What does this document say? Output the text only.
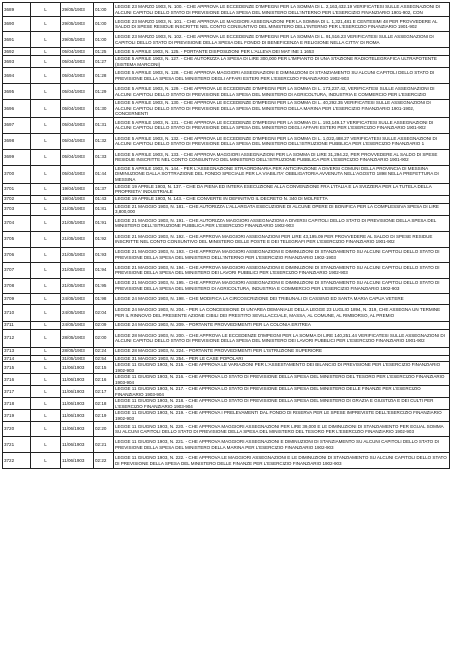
3689	L	29/05/1903	01:00	LEGGE 23 MARZO 1903, N. 100. - CHE APPROVA LE ECCEDENZE D'IMPEGNI PER LA SOMMA DI L. 2,163,432.19 VERIFICATESI SULLE ASSEGNAZIONI DI ALCUNI CAPITOLI DELLO STATO DI PREVISIONE DELLA SPESA DEL MINISTERO DELL'INTERNO PER L'ESERCIZIO FINANZIARIO 1901-902, CON
3690	L	29/05/1903	01:00	LEGGE 23 MARZO 1903, N. 101. - CHE APPROVA LE MAGGIORI ASSEGNAZIONI PER LA SOMMA DI L. 1,321,481 E CENTESIMI 48 PER PROVVEDERE AL SALDO DI SPESE RESIDUE INSCRITTE NEL CONTO CONSUNTIVO DEL MINISTERO DELL'INTERNO PER L'ESERCIZIO FINANZIARIO 1901-902
3691	L	29/05/1903	01:00	LEGGE 23 MARZO 1903, N. 102. - CHE APPROVA LE ECCEDENZE D'IMPEGNI PER LA SOMMA DI L. 91,516.23 VERIFICATESI SULLE ASSEGNAZIONI DI CAPITOLI DELLO STATO DI PREVISIONE DELLA SPESA DEL FONDO DI BENEFICENZA E RELIGIONE NELLA CITTA' DI ROMA
3692	L	05/04/1903	01:25	LEGGE 5 APRILE 1903, N. 125. - PORTANTE DISPOSIZIONI PER L'ALLEVA DEI MAT INE 1 1653
3693	L	05/04/1903	01:27	LEGGE 5 APRILE 1903, N. 127. - CHE AUTORIZZA LA SPESA DI LIRE 300,000 PER L'IMPIANTO DI UNA STAZIONE RADIOTELEGRAFICA ULTRAPOTENTE (SISTEMA MARCONI)
3694	L	05/04/1903	01:28	LEGGE 5 APRILE 1903, N. 128. - CHE APPROVA MAGGIORI ASSEGNAZIONI E DIMINUZIONI DI STANZIAMENTO SU ALCUNI CAPITOLI DELLO STATO DI PREVISIONE DELLA SPESA DEL MINISTERO DEGLI AFFARI ESTERI PER L'ESERCIZIO FINANZIARIO 1902-903
3695	L	05/04/1903	01:29	LEGGE 5 APRILE 1903, N. 129. - CHE APPROVA LE ECCEDENZE D'IMPEGNI PER LA SOMMA DI L. 173,237.42, VERIFICATESI SULLE ASSEGNAZIONI DI ALCUNI CAPITOLI DELLO STATO DI PREVISIONE DELLA SPESA DEL MINISTERO DI AGRICOLTURA, INDUSTRIA E COMMERCIO PER L'ESERCIZIO
3696	L	05/04/1903	01:30	LEGGE 5 APRILE 1903, N. 130. - CHE APPROVA LE ECCEDENZE D'IMPEGNI PER LA SOMMA DI L. 40,292.35 VERIFICATESI SULLE ASSEGNAZIONI DI ALCUNI CAPITOLI DELLO STATO DI PREVISIONE DELLA SPESA DEL MINISTERO DELLA MARINA PER L'ESERCIZIO FINANZIARIO 1901-1902, CONCERNENTI
3697	L	05/04/1903	01:31	LEGGE 5 APRILE 1903, N. 131. - CHE APPROVA LE ECCEDENZE D'IMPEGNI PER LA SOMMA DI L. 193,149.17 VERIFICATESI SULLE ASSEGNAZIONI DI ALCUNI CAPITOLI DELLO STATO DI PREVISIONE DELLA SPESA DEL MINISTERO DEGLI AFFARI ESTERI PER L'ESERCIZIO FINANZIARIO 1901-902
3698	L	05/04/1903	01:32	LEGGE 5 APRILE 1903, N. 132. - CHE APPROVA LE ECCEDENZE D'IMPEGNI PER LA SOMMA DI L. 1,022,488.27 VERIFICATESI SULLE ASSEGNAZIONI DI ALCUNI CAPITOLI DELLO STATO DI PREVISIONE DELLA SPESA DEL MINISTERO DELL'ISTRUZIONE PUBBLICA PER L'ESERCIZIO FINANZIARIO 1
3699	L	05/04/1903	01:33	LEGGE 5 APRILE 1903, N. 133. - CHE APPROVA MAGGIORI ASSEGNAZIONI PER LA SOMMA DI LIRE 31,294.22, PER PROVVEDERE AL SALDO DI SPESE RESIDUE INSCRITTE NEL CONTO CONSUNTIVO DEL MINISTERO DELL'ISTRUZIONE PUBBLICA PER L'ESERCIZIO FINANZIARIO 1901-902
3700	L	05/04/1903	01:44	LEGGE 5 APRILE 1903, N. 144. - PER L'ASSEGNAZIONE STRAORDINARIA PER ANTICIPAZIONE A DIVERSI COMUNI DELLA PROVINCIA DI MESSINA DIMINUZIONE DALLA SOTTRAZIONE DEL FONDO SPECIALE PER LA VIABILITA' OBBLIGATORIA AVVENUTA NELL'AGOSTO 1898 NELLA PREFETTURA DI MESSINA
3701	L	19/04/1903	01:37	LEGGE 19 APRILE 1903, N. 137. - CHE DA PIENA ED INTERA ESECUZIONE ALLA CONVENZIONE FRA L'ITALIA E LA SVIZZERA PER LA TUTELA DELLA PROPRIETA' INDUSTRIALE
3702	L	19/04/1903	01:43	LEGGE 19 APRILE 1903, N. 143. - CHE CONVERTE IN DEFINITIVO IL DECRETO N. 340 DI MOLFETTA
3703	L	21/05/1903	01:81	LEGGE 21 MAGGIO 1903, N. 181. - CHE AUTORIZZA L'ALLARGATA ESECUZIONE DI ALCUNE OPERE DI BONIFICA PER LA COMPLESSIVA SPESA DI LIRE 3,800,000
3704	L	21/05/1903	01:91	LEGGE 21 MAGGIO 1903, N. 191. - CHE AUTORIZZA MAGGIORI ASSEGNAZIONI A DIVERSI CAPITOLI DELLO STATO DI PREVISIONE DELLA SPESA DEL MINISTERO DELL'ISTRUZIONE PUBBLICA PER L'ESERCIZIO FINANZIARIO 1902-903
3705	L	21/05/1903	01:92	LEGGE 21 MAGGIO 1903, N. 192. - CHE APPROVA MAGGIORI ASSEGNAZIONI PER LIRE 43,195.09 PER PROVVEDERE AL SALDO DI SPESE RESIDUE INSCRITTE NEL CONTO CONSUNTIVO DEL MINISTERO DELLE POSTE E DEI TELEGRAFI PER L'ESERCIZIO FINANZIARIO 1901-902
3706	L	21/05/1903	01:93	LEGGE 21 MAGGIO 1903, N. 193. - CHE APPROVA MAGGIORI ASSEGNAZIONI E DIMINUZIONI DI STANZIAMENTO SU ALCUNI CAPITOLI DELLO STATO DI PREVISIONE DELLA SPESA DEL MINISTERO DELL'INTERNO PER L'ESERCIZIO FINANZIARIO 1902-1903
3707	L	21/05/1903	01:94	LEGGE 21 MAGGIO 1903, N. 194. - CHE APPROVA MAGGIORI ASSEGNAZIONI E DIMINUZIONI DI STANZIAMENTO SU ALCUNI CAPITOLI DELLO STATO DI PREVISIONE DELLA SPESA DEL MINISTERO DEI LAVORI PUBBLICI PER L'ESERCIZIO FINANZIARIO 1902-903
3708	L	21/05/1903	01:95	LEGGE 21 MAGGIO 1903, N. 195. - CHE APPROVA MAGGIORI ASSEGNAZIONI E DIMINUZIONI DI STANZIAMENTO SU ALCUNI CAPITOLI DELLO STATO DI PREVISIONE DELLA SPESA DEL MINISTERO DI AGRICOLTURA, INDUSTRIA E COMMERCIO PER L'ESERCIZIO FINANZIARIO 1902-903
3709	L	24/05/1903	01:98	LEGGE 24 MAGGIO 1903, N. 198. - CHE MODIFICA LA CIRCOSCRIZIONE DEI TRIBUNALI DI CASSINO ED SANTA MARIA CAPUA VETERE
3710	L	24/05/1903	02:04	LEGGE 24 MAGGIO 1903, N. 204. - PER LA CONCESSIONE DI UN'AREA DEMANIALE DELLA LEGGE 23 LUGLIO 1894, N. 319, CHE ASSEGNA UN TERMINE PER IL RINNOVO DEL PRESENTE AZIONE CIBILI DEI PRESTITO SEVILLACCIALE, MASSA, AL COMUNE, AL RIMBORSO, AL PREMIO
3711	L	24/05/1903	02:09	LEGGE 24 MAGGIO 1903, N. 209. - PORTANTE PROVVEDIMENTI PER LA COLONIA ERITREA
3712	L	28/05/1903	02:00	LEGGE 28 MAGGIO 1903, N. 200. - CHE APPROVA LE ECCEDENZE D'IMPEGNI PER LA SOMMA DI LIRE 140,251.44 VERIFICATESI SULLE ASSEGNAZIONI DI ALCUNI CAPITOLI DELLO STATO DI PREVISIONE DELLA SPESA DEL MINISTERO DEI LAVORI PUBBLICI PER L'ESERCIZIO FINANZIARIO 1901-902
3713	L	28/05/1903	02:24	LEGGE 28 MAGGIO 1903, N. 224. - PORTANTE PROVVEDIMENTI PER L'ISTRUZIONE SUPERIORE
3714	L	31/05/1903	02:54	LEGGE 31 MAGGIO 1903, N. 254. - PER LE CASE POPOLARI
3715	L	11/06/1903	02:15	LEGGE 11 GIUGNO 1903, N. 215. - CHE APPROVA LE VARIAZIONI PER L'ASSESTAMENTO DEI BILANCIO DI PREVISIONE PER L'ESERCIZIO FINANZIARIO 1902-903
3716	L	11/06/1903	02:16	LEGGE 11 GIUGNO 1903, N. 216. - CHE APPROVA LO STATO DI PREVISIONE DELLA SPESA DEL MINISTERO DEL TESORO PER L'ESERCIZIO FINANZIARIO 1903-904
3717	L	11/06/1903	02:17	LEGGE 11 GIUGNO 1903, N. 217. - CHE APPROVA LO STATO DI PREVISIONE DELLA SPESA DEL MINISTERO DELLE FINANZE PER L'ESERCIZIO FINANZIARIO 1903-904
3718	L	11/06/1903	02:18	LEGGE 11 GIUGNO 1903, N. 218. - CHE APPROVA LO STATO DI PREVISIONE DELLA SPESA DEL MINISTERO DI GRAZIA E GIUSTIZIA E DEI CULTI PER L'ESERCIZIO FINANZIARIO 1903-904
3719	L	11/06/1903	02:19	LEGGE 11 GIUGNO 1903, N. 219. - CHE APPROVA I PRELEVAMENTI DAL FONDO DI RISERVA PER LE SPESE IMPREVISTE DELL'ESERCIZIO FINANZIARIO 1902-903
3720	L	11/06/1903	02:20	LEGGE 11 GIUGNO 1903, N. 220. - CHE APPROVA MAGGIORI ASSEGNAZIONI PER LIRE 39,000 E LE DIMINUZIONI DI STANZIAMENTO PER EGUAL SOMMA SU ALCUNI CAPITOLI DELLO STATO DI PREVISIONE DELLA SPESA DEL MINISTERO DEL TESORO PER L'ESERCIZIO FINANZIARIO 1902-903
3721	L	11/06/1903	02:21	LEGGE 11 GIUGNO 1903, N. 221. - CHE APPROVA MAGGIORI ASSEGNAZIONI E DIMINUZIONI DI STANZIAMENTO SU ALCUNI CAPITOLI DELLO STATO DI PREVISIONE DELLA SPESA DEL MINISTERO DELLA MARINA PER L'ESERCIZIO FINANZIARIO 1902-903
3722	L	11/06/1903	02:22	LEGGE 11 GIUGNO 1903, N. 222. - CHE APPROVA LE MAGGIORI ASSEGNAZIONI E LE DIMINUZIONI DI STANZIAMENTO SU ALCUNI CAPITOLI DELLO STATO DI PREVISIONE DELLA SPESA DEL MINISTERO DELLE FINANZE PER L'ESERCIZIO FINANZIARIO 1902-903
